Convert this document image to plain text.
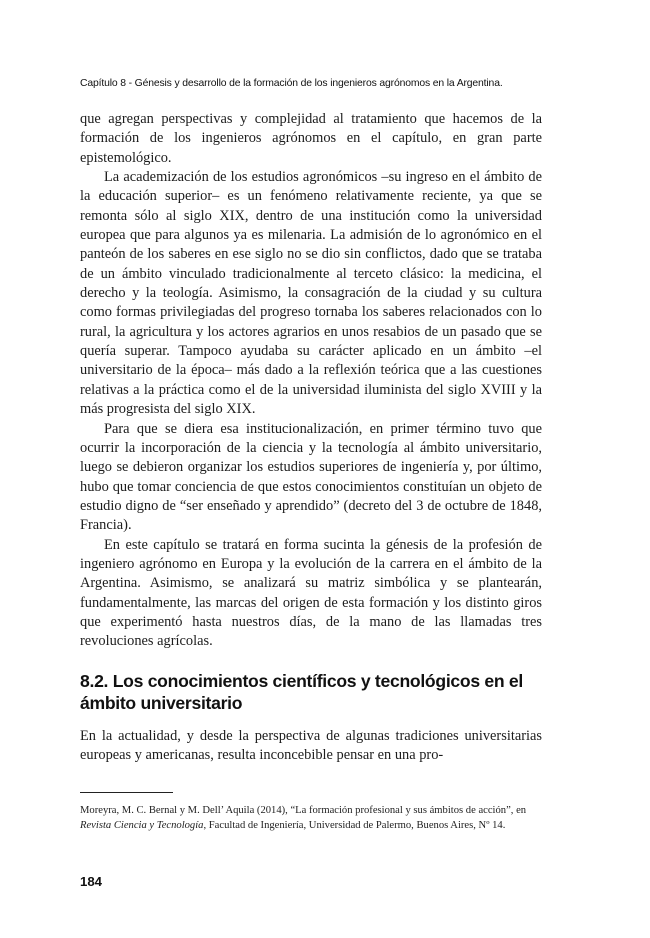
Capítulo 8 - Génesis y desarrollo de la formación de los ingenieros agrónomos en la Argentina.

que agregan perspectivas y complejidad al tratamiento que hacemos de la formación de los ingenieros agrónomos en el capítulo, en gran parte epistemológico.

La academización de los estudios agronómicos –su ingreso en el ámbito de la educación superior– es un fenómeno relativamente reciente, ya que se remonta sólo al siglo XIX, dentro de una institución como la universidad europea que para algunos ya es milenaria. La admisión de lo agronómico en el panteón de los saberes en ese siglo no se dio sin conflictos, dado que se trataba de un ámbito vinculado tradicionalmente al terceto clásico: la medicina, el derecho y la teología. Asimismo, la consagración de la ciudad y su cultura como formas privilegiadas del progreso tornaba los saberes relacionados con lo rural, la agricultura y los actores agrarios en unos resabios de un pasado que se quería superar. Tampoco ayudaba su carácter aplicado en un ámbito –el universitario de la época– más dado a la reflexión teórica que a las cuestiones relativas a la práctica como el de la universidad iluminista del siglo XVIII y la más progresista del siglo XIX.

Para que se diera esa institucionalización, en primer término tuvo que ocurrir la incorporación de la ciencia y la tecnología al ámbito universitario, luego se debieron organizar los estudios superiores de ingeniería y, por último, hubo que tomar conciencia de que estos conocimientos constituían un objeto de estudio digno de “ser enseñado y aprendido” (decreto del 3 de octubre de 1848, Francia).

En este capítulo se tratará en forma sucinta la génesis de la profesión de ingeniero agrónomo en Europa y la evolución de la carrera en el ámbito de la Argentina. Asimismo, se analizará su matriz simbólica y se plantearán, fundamentalmente, las marcas del origen de esta formación y los distinto giros que experimentó hasta nuestros días, de la mano de las llamadas tres revoluciones agrícolas.

8.2. Los conocimientos científicos y tecnológicos en el ámbito universitario

En la actualidad, y desde la perspectiva de algunas tradiciones universitarias europeas y americanas, resulta inconcebible pensar en una pro-

Moreyra, M. C. Bernal y M. Dell’ Aquila (2014), “La formación profesional y sus ámbitos de acción”, en Revista Ciencia y Tecnología, Facultad de Ingeniería, Universidad de Palermo, Buenos Aires, Nº 14.

184
